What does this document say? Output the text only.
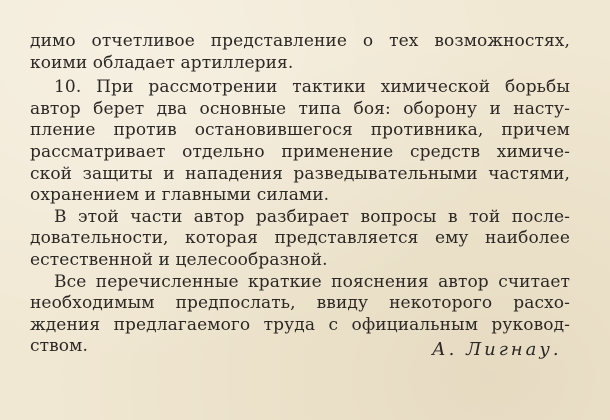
димо отчетливое представление о тех возможностях,
коими обладает артиллерия.
10. При рассмотрении тактики химической борьбы
автор берет два основные типа боя: оборону и насту-
пление против остановившегося противника, причем
рассматривает отдельно применение средств химиче-
ской защиты и нападения разведывательными частями,
охранением и главными силами.
В этой части автор разбирает вопросы в той после-
довательности, которая представляется ему наиболее
естественной и целесообразной.
Все перечисленные краткие пояснения автор считает
необходимым предпослать, ввиду некоторого расхо-
ждения предлагаемого труда с официальным руковод-
ством.	А. Лигнау.
